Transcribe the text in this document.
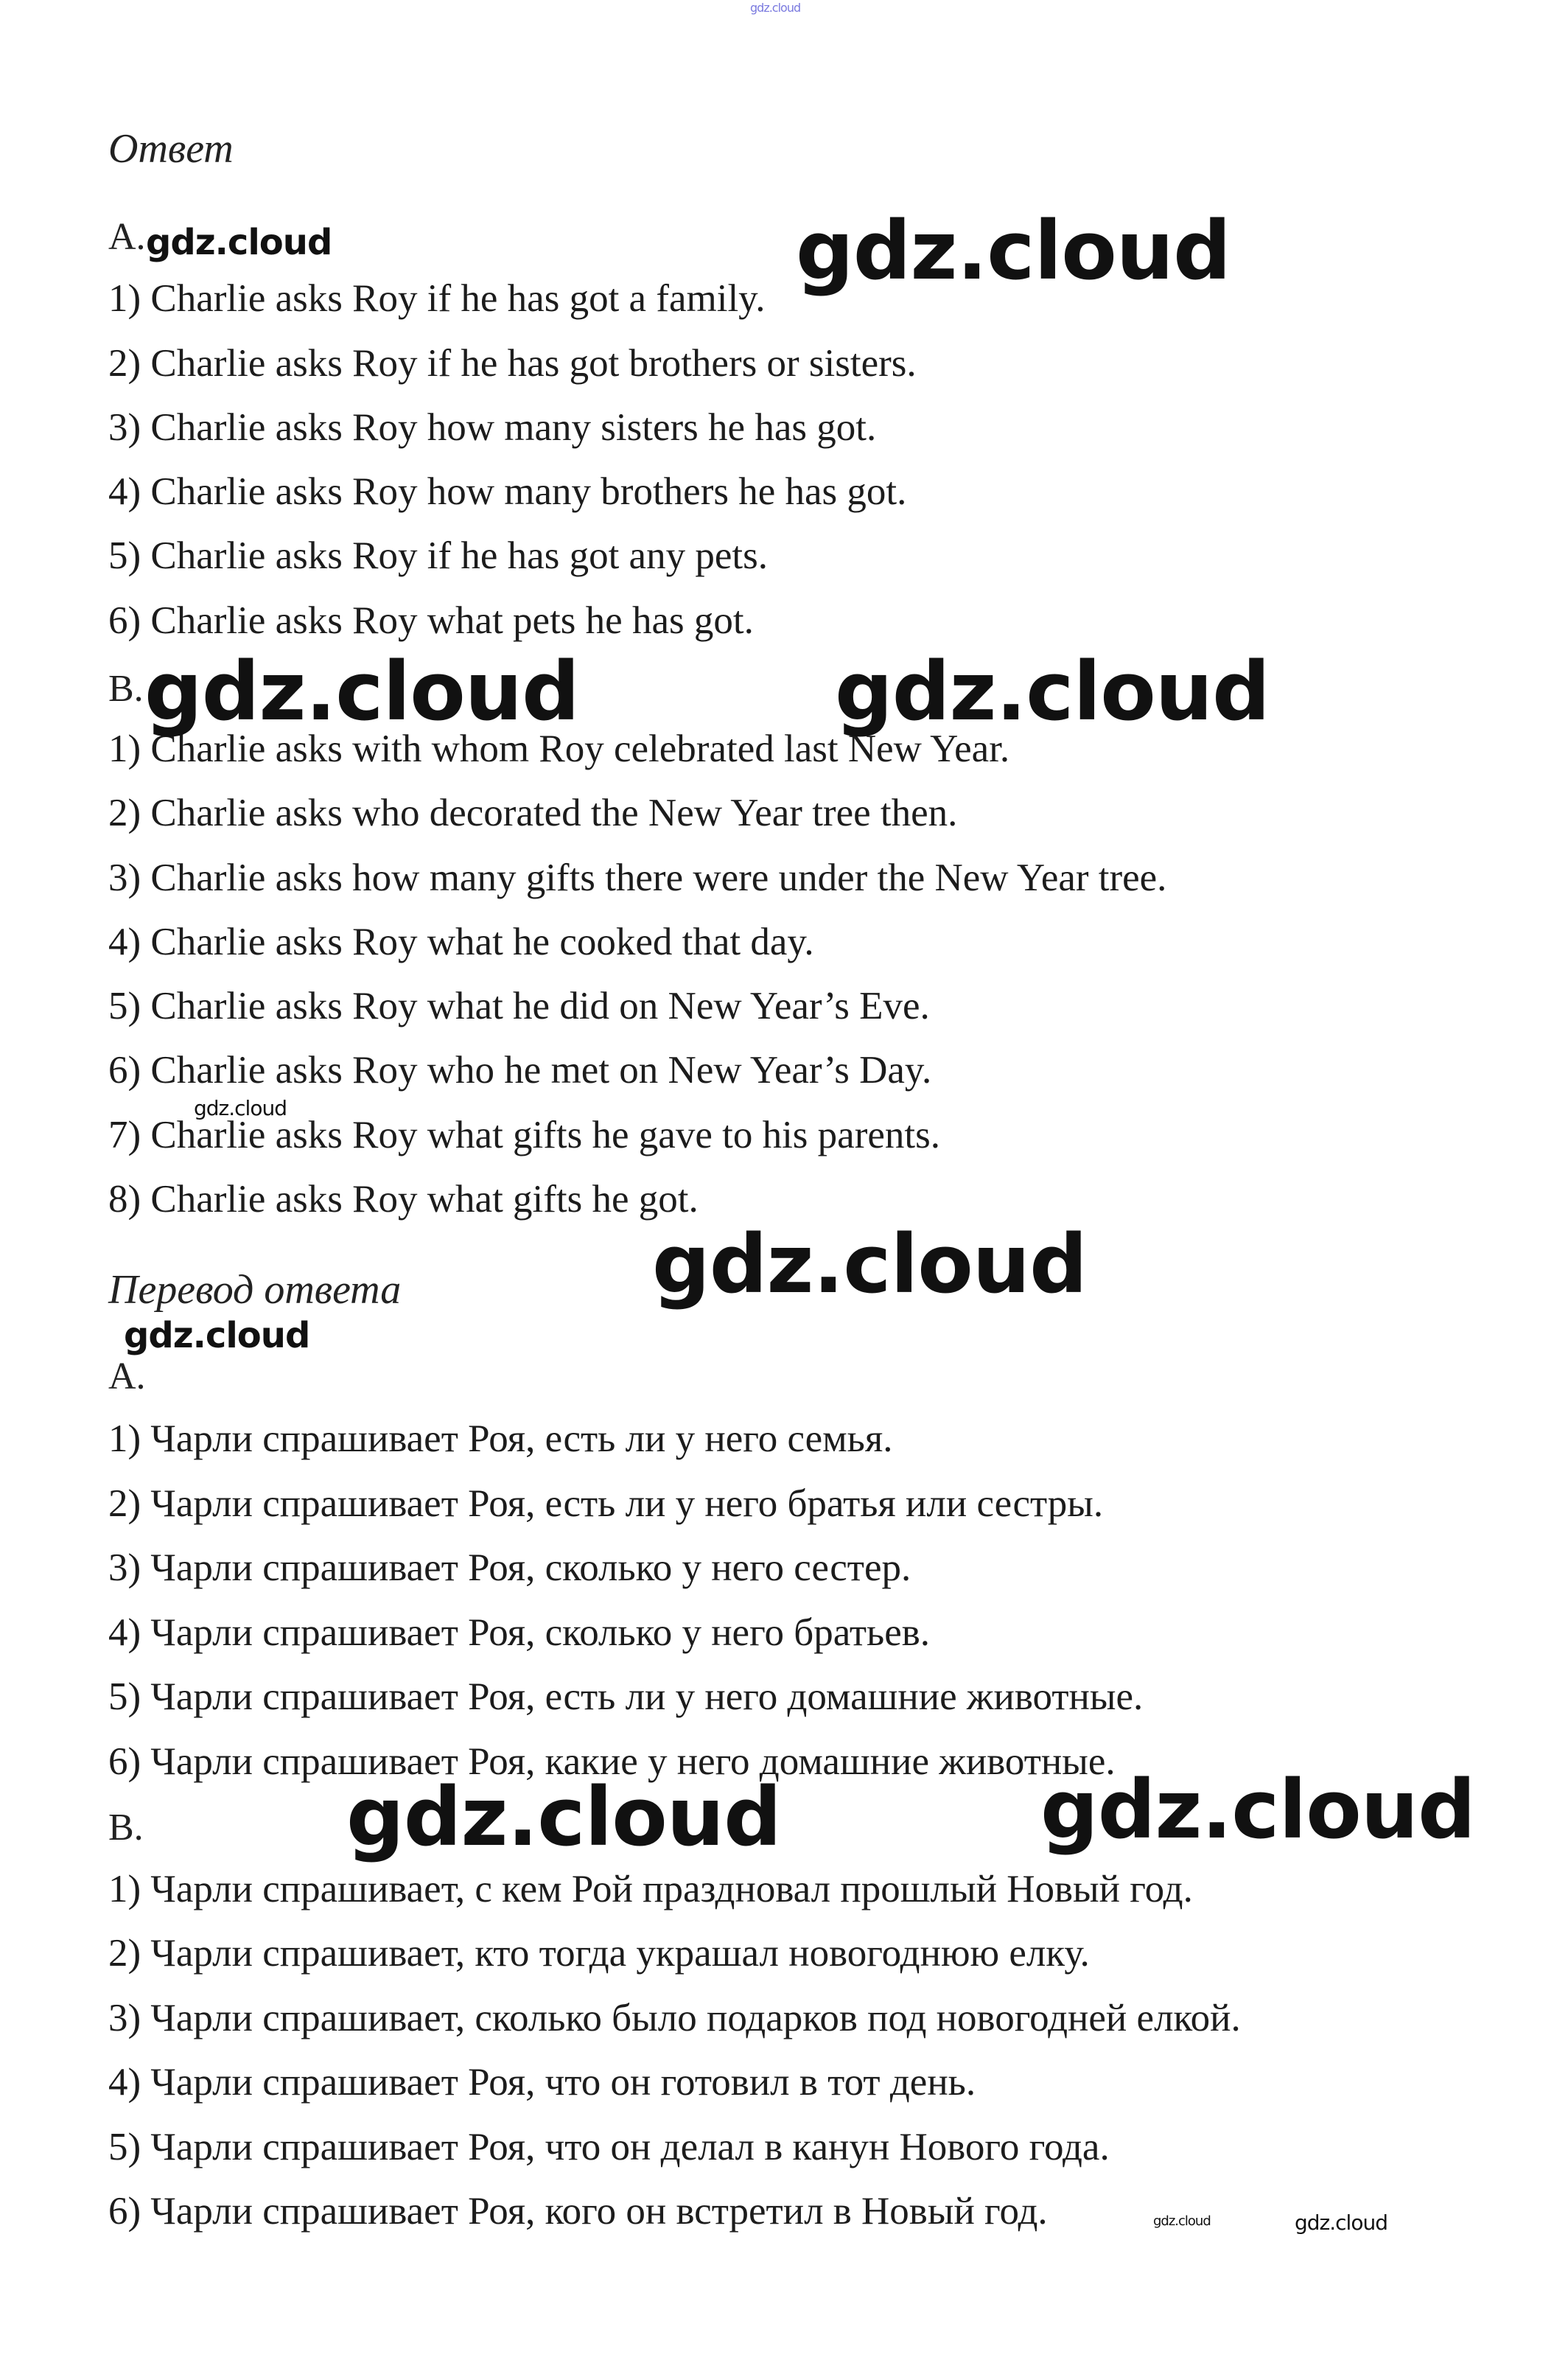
gdz.cloud
Ответ
A.
1) Charlie asks Roy if he has got a family.
2) Charlie asks Roy if he has got brothers or sisters.
3) Charlie asks Roy how many sisters he has got.
4) Charlie asks Roy how many brothers he has got.
5) Charlie asks Roy if he has got any pets.
6) Charlie asks Roy what pets he has got.
B.
1) Charlie asks with whom Roy celebrated last New Year.
2) Charlie asks who decorated the New Year tree then.
3) Charlie asks how many gifts there were under the New Year tree.
4) Charlie asks Roy what he cooked that day.
5) Charlie asks Roy what he did on New Year’s Eve.
6) Charlie asks Roy who he met on New Year’s Day.
7) Charlie asks Roy what gifts he gave to his parents.
8) Charlie asks Roy what gifts he got.
Перевод ответа
A.
1) Чарли спрашивает Роя, есть ли у него семья.
2) Чарли спрашивает Роя, есть ли у него братья или сестры.
3) Чарли спрашивает Роя, сколько у него сестер.
4) Чарли спрашивает Роя, сколько у него братьев.
5) Чарли спрашивает Роя, есть ли у него домашние животные.
6) Чарли спрашивает Роя, какие у него домашние животные.
B.
1) Чарли спрашивает, с кем Рой праздновал прошлый Новый год.
2) Чарли спрашивает, кто тогда украшал новогоднюю елку.
3) Чарли спрашивает, сколько было подарков под новогодней елкой.
4) Чарли спрашивает Роя, что он готовил в тот день.
5) Чарли спрашивает Роя, что он делал в канун Нового года.
6) Чарли спрашивает Роя, кого он встретил в Новый год.
gdz.cloud	gdz.cloud
gdz.cloud	gdz.cloud
gdz.cloud
gdz.cloud
gdz.cloud
gdz.cloud	gdz.cloud
gdz.cloud	gdz.cloud
